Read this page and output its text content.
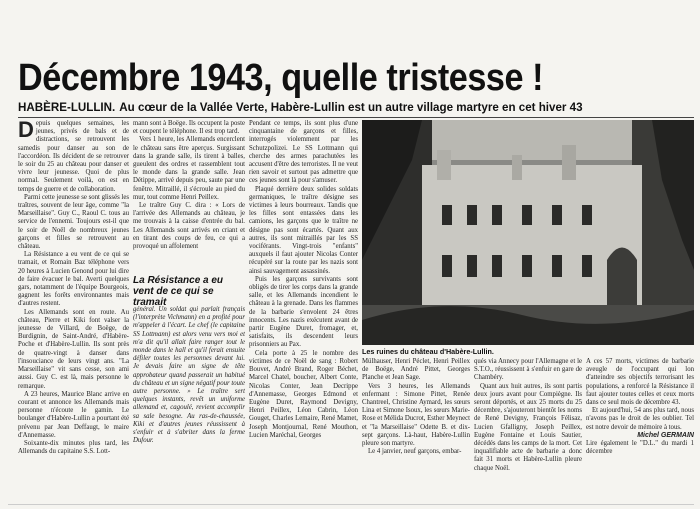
Décembre 1943, quelle tristesse !
HABÈRE-LULLIN. Au cœur de la Vallée Verte, Habère-Lullin est un autre village martyre en cet hiver 43

Depuis quelques semaines, les jeunes, privés de bals et de distractions, se retrouvent les samedis pour danser au son de l'accordéon. Ils décident de se retrouver le soir du 25 au château pour danser et vivre leur jeunesse. Quoi de plus normal. Seulement voilà, on est en temps de guerre et de collaboration.

Parmi cette jeunesse se sont glissés les traîtres, souvent de leur âge, comme "la Marseillaise". Guy C., Raoul C. tous au service de l'ennemi. Toujours est-il que le soir de Noël de nombreux jeunes garçons et filles se retrouvent au château.

La Résistance a eu vent de ce qui se tramait, et Romain Baz téléphone vers 20 heures à Lucien Genond pour lui dire de faire évacuer le bal. Averti quelques gars, notamment de l'équipe Bourgeois, gagnent les forêts environnantes mais d'autres restent.

Les Allemands sont en route. Au château, Pierre et Kiki font valser la jeunesse de Villard, de Boëge, de Burdignin, de Saint-André, d'Habère-Poche et d'Habère-Lullin. Ils sont près de quatre-vingt à danser dans l'insouciance de leurs vingt ans. "La Marseillaise" vit sans cesse, son ami aussi. Guy C. est là, mais personne le remarque.

A 23 heures, Maurice Blanc arrive en courant et annonce les Allemands mais personne n'écoute le gamin. Le boulanger d'Habère-Lullin a pourtant été prévenu par Jean Deffaugt, le maire d'Annemasse.

Soixante-dix minutes plus tard, les Allemands du capitaine S.S. Lott-

mann sont à Boëge. Ils occupent la poste et coupent le téléphone. Il est trop tard.

Vers 1 heure, les Allemands encerclent le château sans être aperçus. Surgissant dans la grande salle, ils tirent à balles, gueulent des ordres et rassemblent tout le monde dans la grande salle. Jean Détippe, arrivé depuis peu, saute par une fenêtre. Mitraillé, il s'écroule au pied du mur, tout comme Henri Peillex.

Le traître Guy C. dira : « Lors de l'arrivée des Allemands au château, je me trouvais à la caisse d'entrée du bal. Les Allemands sont arrivés en criant et en tirant des coups de feu, ce qui a provoqué un affolement

La Résistance a eu vent de ce qui se tramait

général. Un soldat qui parlait français (l'interprète Vichmann) en a profité pour m'appeler à l'écart. Le chef (le capitaine SS Lottmann) est alors venu vers moi et m'a dit qu'il allait faire ranger tout le monde dans le hall et qu'il ferait ensuite défiler toutes les personnes devant lui. Je devais faire un signe de tête approbateur quand passerait un habitué du château et un signe négatif pour toute autre personne. » Le traître sert quelques instants, revêt un uniforme allemand et, cagoulé, revient accomplir sa sale besogne. Au ras-de-chaussée, Kiki et d'autres jeunes réussissent à s'enfuir et à s'abriter dans la ferme Dufour.

Pendant ce temps, ils sont plus d'une cinquantaine de garçons et filles, interrogés violemment par les Schutzpolizei. Le SS Lottmann qui cherche des armes parachutées les accusent d'être des terroristes. Il ne veut rien savoir et surtout pas admettre que ces jeunes sont là pour s'amuser.

Plaqué derrière deux solides soldats germaniques, le traître désigne ses victimes à leurs bourreaux. Tandis que les filles sont entassées dans les camions, les garçons que le traître ne désigne pas sont écartés. Quant aux autres, ils sont mitraillés par les SS vociférants. Vingt-trois "enfants" auxquels il faut ajouter Nicolas Conter récupéré sur la route par les nazis sont ainsi sauvagement assassinés.

Puis les garçons survivants sont obligés de tirer les corps dans la grande salle, et les Allemands incendient le château à la grenade. Dans les flammes de la barbarie s'envolent 24 êtres innocents. Les nazis exécutent avant de partir Eugène Duret, fromager, et, satisfaits, ils descendent leurs prisonniers au Pax.

Cela porte à 25 le nombre des victimes de ce Noël de sang : Robert Bouvet, André Brand, Roger Béchet, Marcel Chatel, boucher, Albert Conte, Nicolas Conter, Jean Decrippe d'Annemasse, Georges Edmond et Eugène Duret, Raymond Devigny, Henri Peillex, Léon Cabrin, Léon Gouget, Charles Lemaire, René Mamet, Joseph Montjournal, René Mouthon, Lucien Maréchal, Georges

Les ruines du château d'Habère-Lullin.

Mülhauser, Henri Péclet, Henri Peillex de Boëge, André Pittet, Georges Planche et Jean Sage.

Vers 3 heures, les Allemands enfermant : Simone Pittet, Renée Chantreel, Christine Aymard, les sœurs Lina et Simone Isoux, les sœurs Marie-Rose et Mélida Ducrot, Esther Meynect et "la Marseillaise" Odette B. et dix-sept garçons. Là-haut, Habère-Lullin pleure son martyre.

Le 4 janvier, neuf garçons, embar-

qués via Annecy pour l'Allemagne et le S.T.O., réussissent à s'enfuir en gare de Chambéry.

Quant aux huit autres, ils sont partis deux jours avant pour Compiègne. Ils seront déportés, et aux 25 morts du 25 décembre, s'ajouteront bientôt les noms de René Devigny, François Félisaz, Lucien Gfalligny, Joseph Peillex, Eugène Fontaine et Louis Sautier, décédés dans les camps de la mort. Cet inqualifiable acte de barbarie a donc fait 31 morts et Habère-Lullin pleure chaque Noël.

A ces 57 morts, victimes de barbarie aveugle de l'occupant qui lon d'atteindre ses objectifs terrorisant les populations, a renforcé la Résistance il faut ajouter toutes celles et ceux morts dans ce seul mois de décembre 43.

Et aujourd'hui, 54 ans plus tard, nous n'avons pas le droit de les oublier. Tel est notre devoir de mémoire à tous.

Michel GERMAIN

Lire également le "D.L." du mardi 1 décembre
